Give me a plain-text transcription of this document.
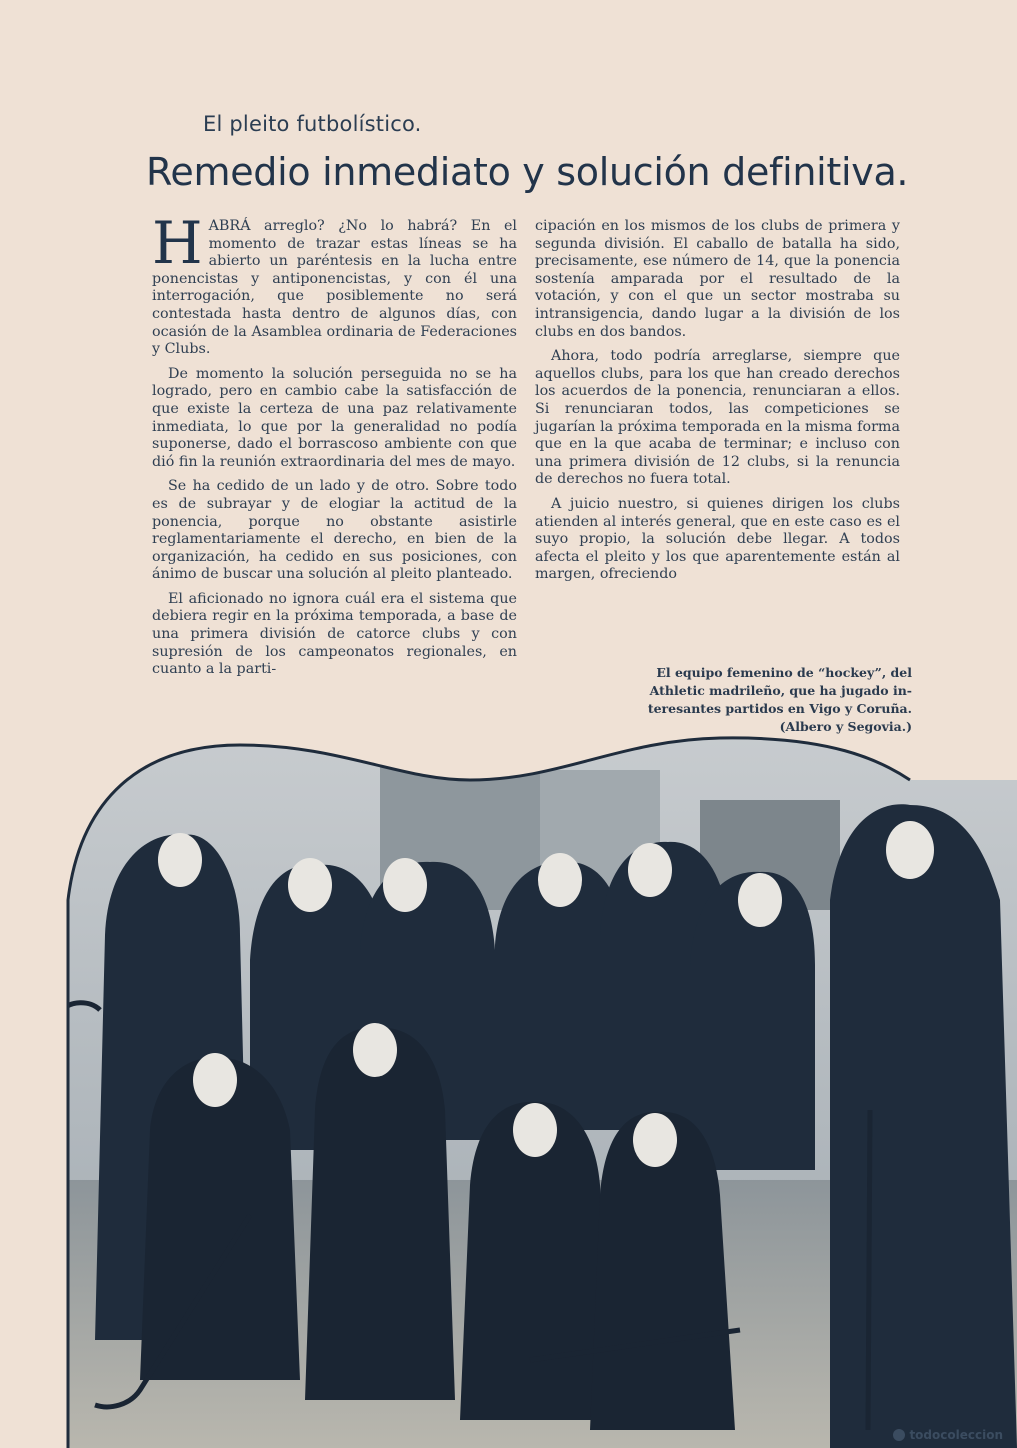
El pleito futbolístico.
Remedio inmediato y solución definitiva.

HABRÁ arreglo? ¿No lo habrá? En el momento de trazar estas líneas se ha abierto un paréntesis en la lucha entre ponencistas y antiponencistas, y con él una interrogación, que posiblemente no será contestada hasta dentro de algunos días, con ocasión de la Asamblea ordinaria de Federaciones y Clubs.

De momento la solución perseguida no se ha logrado, pero en cambio cabe la satisfacción de que existe la certeza de una paz relativamente inmediata, lo que por la generalidad no podía suponerse, dado el borrascoso ambiente con que dió fin la reunión extraordinaria del mes de mayo.

Se ha cedido de un lado y de otro. Sobre todo es de subrayar y de elogiar la actitud de la ponencia, porque no obstante asistirle reglamentariamente el derecho, en bien de la organización, ha cedido en sus posiciones, con ánimo de buscar una solución al pleito planteado.

El aficionado no ignora cuál era el sistema que debiera regir en la próxima temporada, a base de una primera división de catorce clubs y con supresión de los campeonatos regionales, en cuanto a la parti-

cipación en los mismos de los clubs de primera y segunda división. El caballo de batalla ha sido, precisamente, ese número de 14, que la ponencia sostenía amparada por el resultado de la votación, y con el que un sector mostraba su intransigencia, dando lugar a la división de los clubs en dos bandos.

Ahora, todo podría arreglarse, siempre que aquellos clubs, para los que han creado derechos los acuerdos de la ponencia, renunciaran a ellos. Si renunciaran todos, las competiciones se jugarían la próxima temporada en la misma forma que en la que acaba de terminar; e incluso con una primera división de 12 clubs, si la renuncia de derechos no fuera total.

A juicio nuestro, si quienes dirigen los clubs atienden al interés general, que en este caso es el suyo propio, la solución debe llegar. A todos afecta el pleito y los que aparentemente están al margen, ofreciendo

El equipo femenino de “hockey”, del
Athletic madrileño, que ha jugado in-
teresantes partidos en Vigo y Coruña.
(Albero y Segovia.)
todocoleccion
